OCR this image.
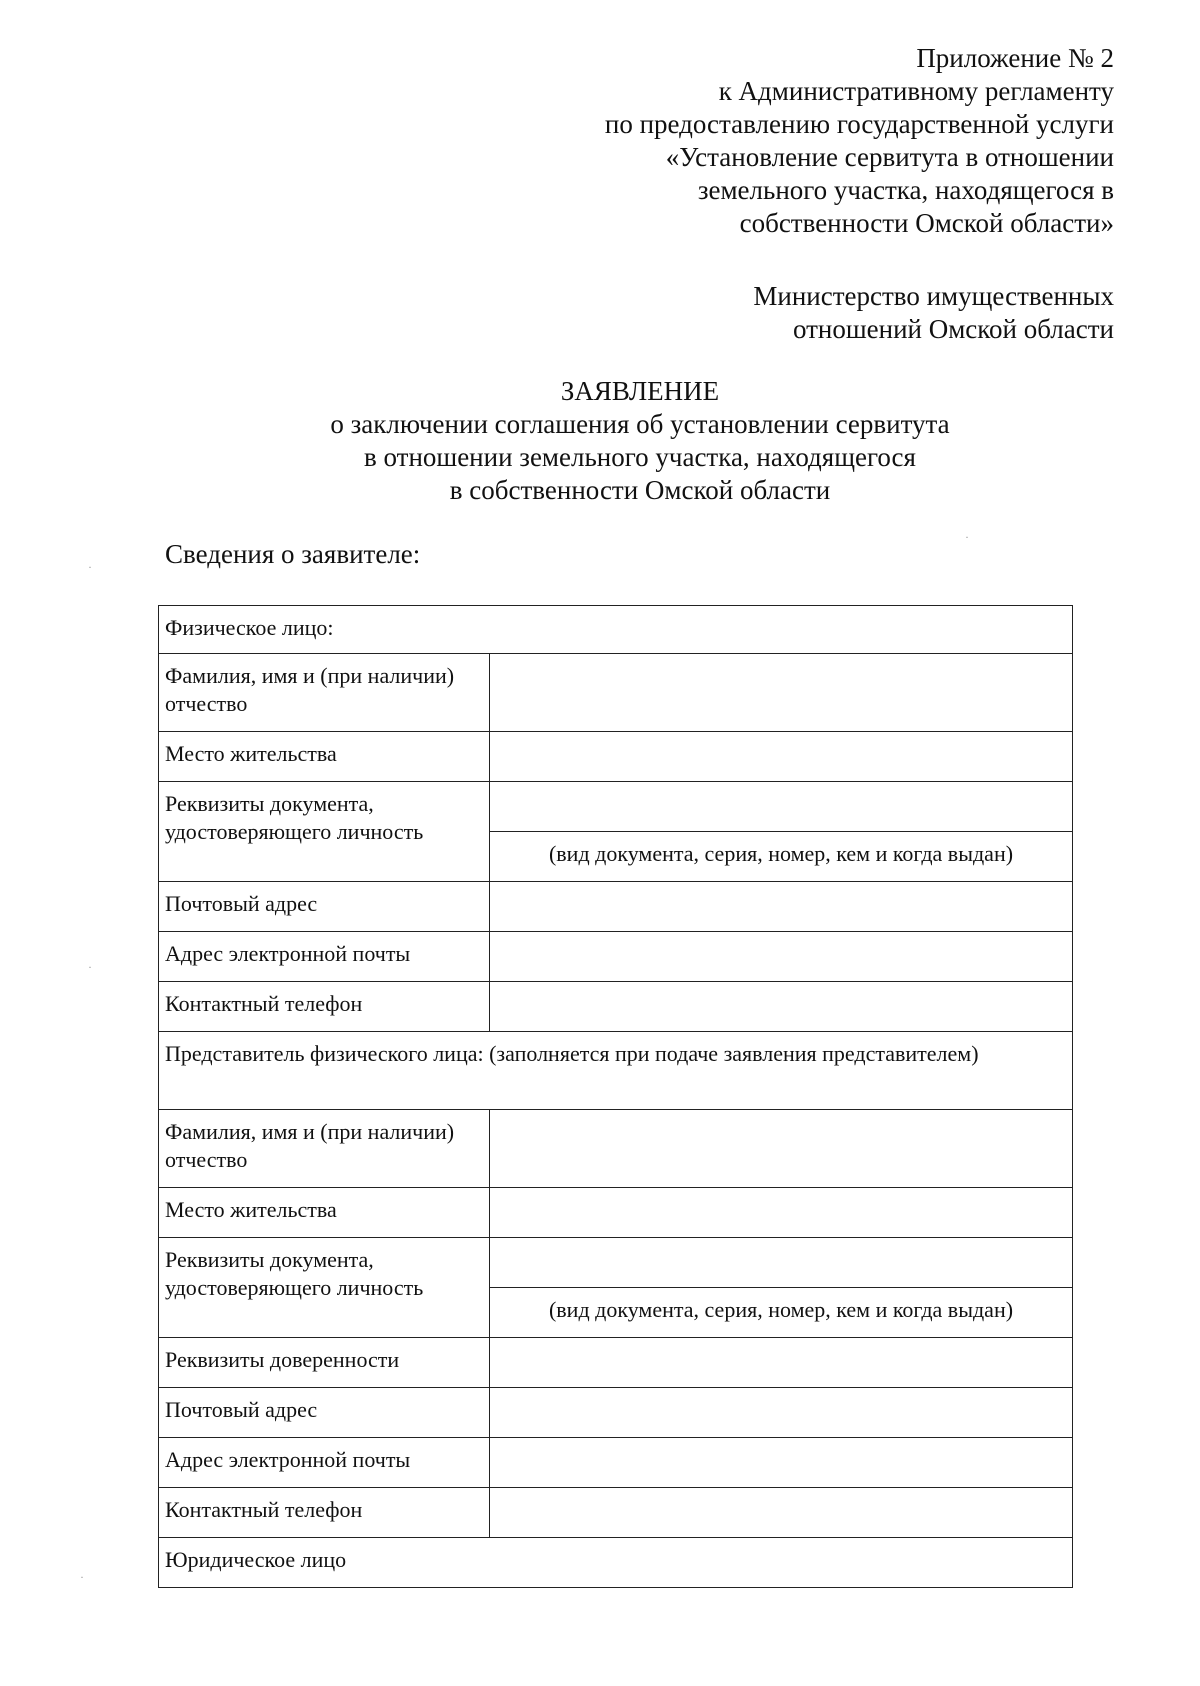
Приложение № 2
к Административному регламенту
по предоставлению государственной услуги
«Установление сервитута в отношении
земельного участка, находящегося в
собственности Омской области»
Министерство имущественных
отношений Омской области
ЗАЯВЛЕНИЕ
о заключении соглашения об установлении сервитута
в отношении земельного участка, находящегося
в собственности Омской области
Сведения о заявителе:
Физическое лицо:	
Фамилия, имя и (при наличии) отчество	
Место жительства	
Реквизиты документа, удостоверяющего личность	
	(вид документа, серия, номер, кем и когда выдан)
Почтовый адрес	
Адрес электронной почты	
Контактный телефон	
Представитель физического лица: (заполняется при подаче заявления представителем)	
Фамилия, имя и (при наличии) отчество	
Место жительства	
Реквизиты документа, удостоверяющего личность	
	(вид документа, серия, номер, кем и когда выдан)
Реквизиты доверенности	
Почтовый адрес	
Адрес электронной почты	
Контактный телефон	
Юридическое лицо	
·
·
·
·
